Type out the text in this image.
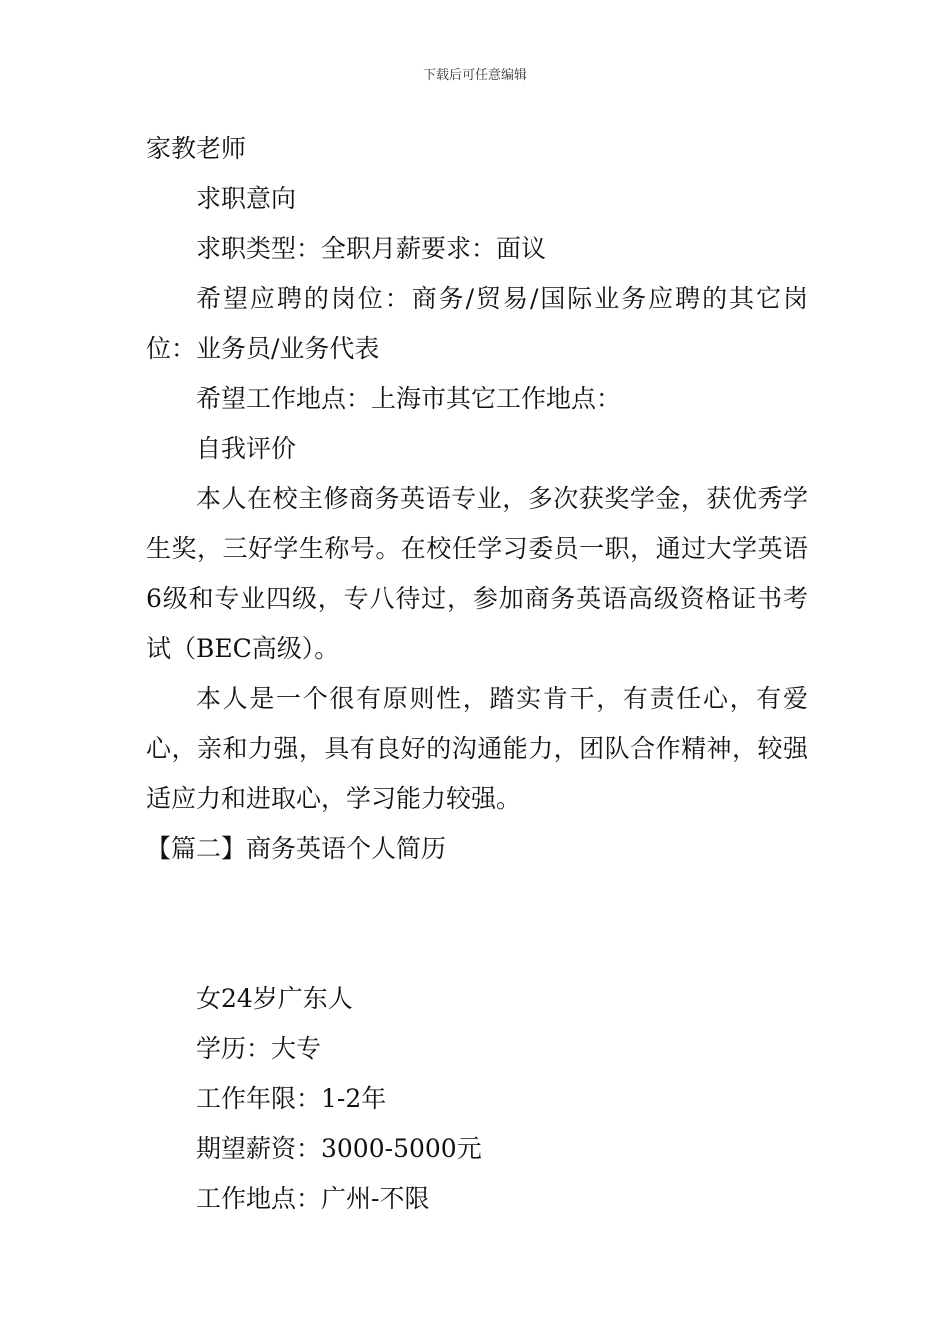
下载后可任意编辑

家教老师

求职意向

求职类型：全职月薪要求：面议

希望应聘的岗位：商务/贸易/国际业务应聘的其它岗位：业务员/业务代表

希望工作地点：上海市其它工作地点：

自我评价

本人在校主修商务英语专业，多次获奖学金，获优秀学生奖，三好学生称号。在校任学习委员一职，通过大学英语6级和专业四级，专八待过，参加商务英语高级资格证书考试（BEC高级）。

本人是一个很有原则性，踏实肯干，有责任心，有爱心，亲和力强，具有良好的沟通能力，团队合作精神，较强适应力和进取心，学习能力较强。

【篇二】商务英语个人简历

女24岁广东人

学历：大专

工作年限：1-2年

期望薪资：3000-5000元

工作地点：广州-不限
